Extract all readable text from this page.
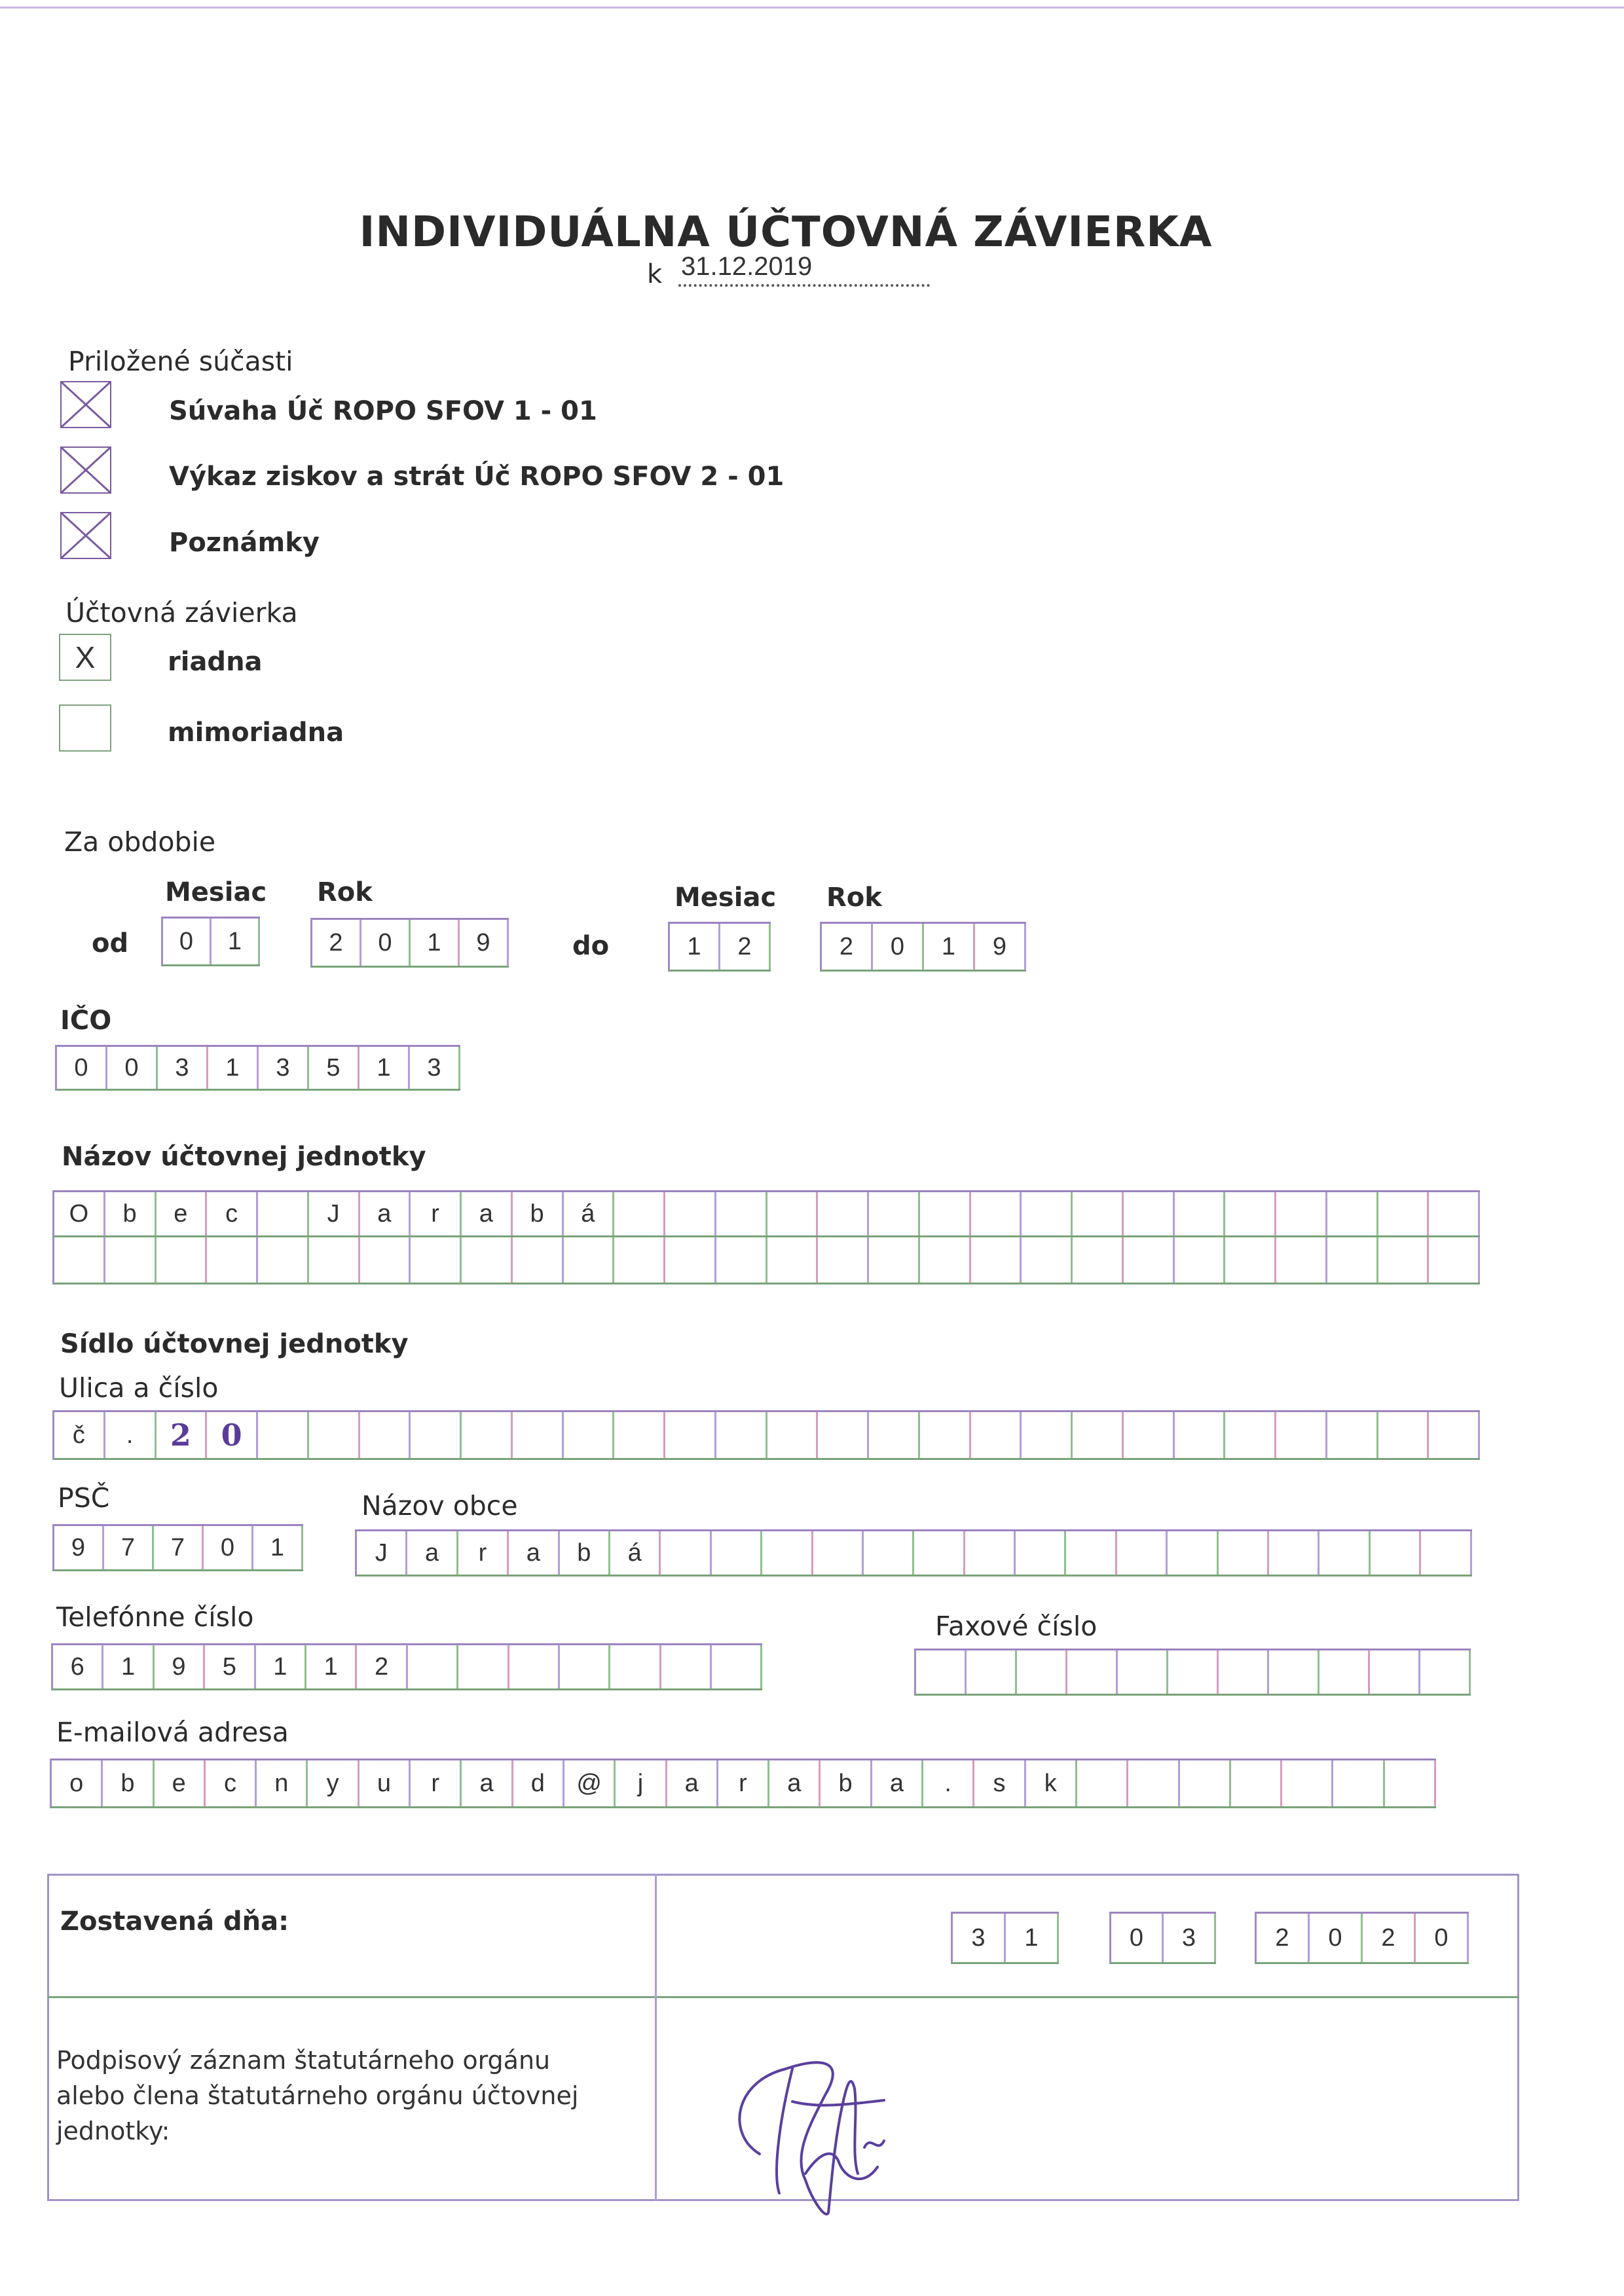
INDIVIDUÁLNA ÚČTOVNÁ ZÁVIERKA
k 31.12.2019
Priložené súčasti
Súvaha Úč ROPO SFOV 1 - 01
Výkaz ziskov a strát Úč ROPO SFOV 2 - 01
Poznámky
Účtovná závierka
X	riadna
mimoriadna
Za obdobie
Mesiac Rok	Mesiac Rok
od	do
0	1	2	0	1	9	1	2	2	0	1	9
IČO
0	0	3	1	3	5	1	3
Názov účtovnej jednotky
O	b	e	c	J	a	r	a	b	á
Sídlo účtovnej jednotky
Ulica a číslo
č	.	2 0
PSČ
9	7	7	0	1
Názov obce
J	a	r	a	b	á
Telefónne číslo
6	1	9	5	1	1	2
Faxové číslo
E-mailová adresa
o	b	e	c	n	y	u	r	a	d	@	j	a	r	a	b	a	.	s	k
Zostavená dňa:
3	1	0	3	2	0	2	0
Podpisový záznam štatutárneho orgánu alebo člena štatutárneho orgánu účtovnej jednotky:
